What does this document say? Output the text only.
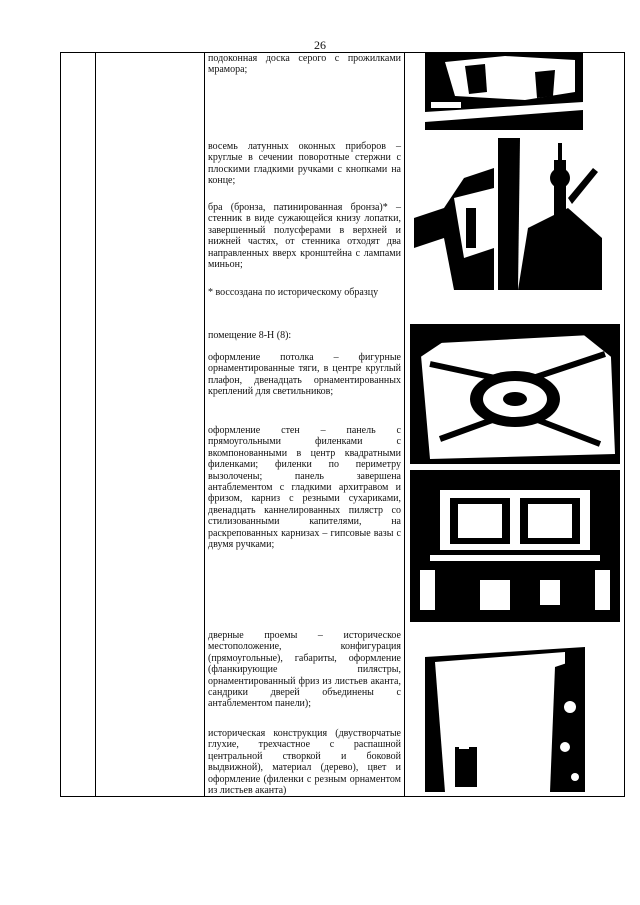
26
подоконная доска серого с прожилками мрамора;
восемь латунных оконных приборов – круглые в сечении поворотные стержни с плоскими гладкими ручками с кнопками на конце;
бра (бронза, патинированная бронза)* – стенник в виде сужающейся книзу лопатки, завершенный полусферами в верхней и нижней частях, от стенника отходят два направленных вверх кронштейна с лампами миньон;
* воссоздана по историческому образцу
помещение 8-Н (8):
оформление потолка – фигурные орнаментированные тяги, в центре круглый плафон, двенадцать орнаментированных креплений для светильников;
оформление стен – панель с прямоугольными филенками с вкомпонованными в центр квадратными филенками; филенки по периметру вызолочены; панель завершена антаблементом с гладкими архитравом и фризом, карниз с резными сухариками, двенадцать каннелированных пилястр со стилизованными капителями, на раскрепованных карнизах – гипсовые вазы с двумя ручками;
дверные проемы – историческое местоположение, конфигурация (прямоугольные), габариты, оформление (фланкирующие пилястры, орнаментированный фриз из листьев аканта, сандрики дверей объединены с антаблементом панели);
историческая конструкция (двустворчатые глухие, трехчастное с распашной центральной створкой и боковой выдвижной), материал (дерево), цвет и оформление (филенки с резным орнаментом из листьев аканта)
